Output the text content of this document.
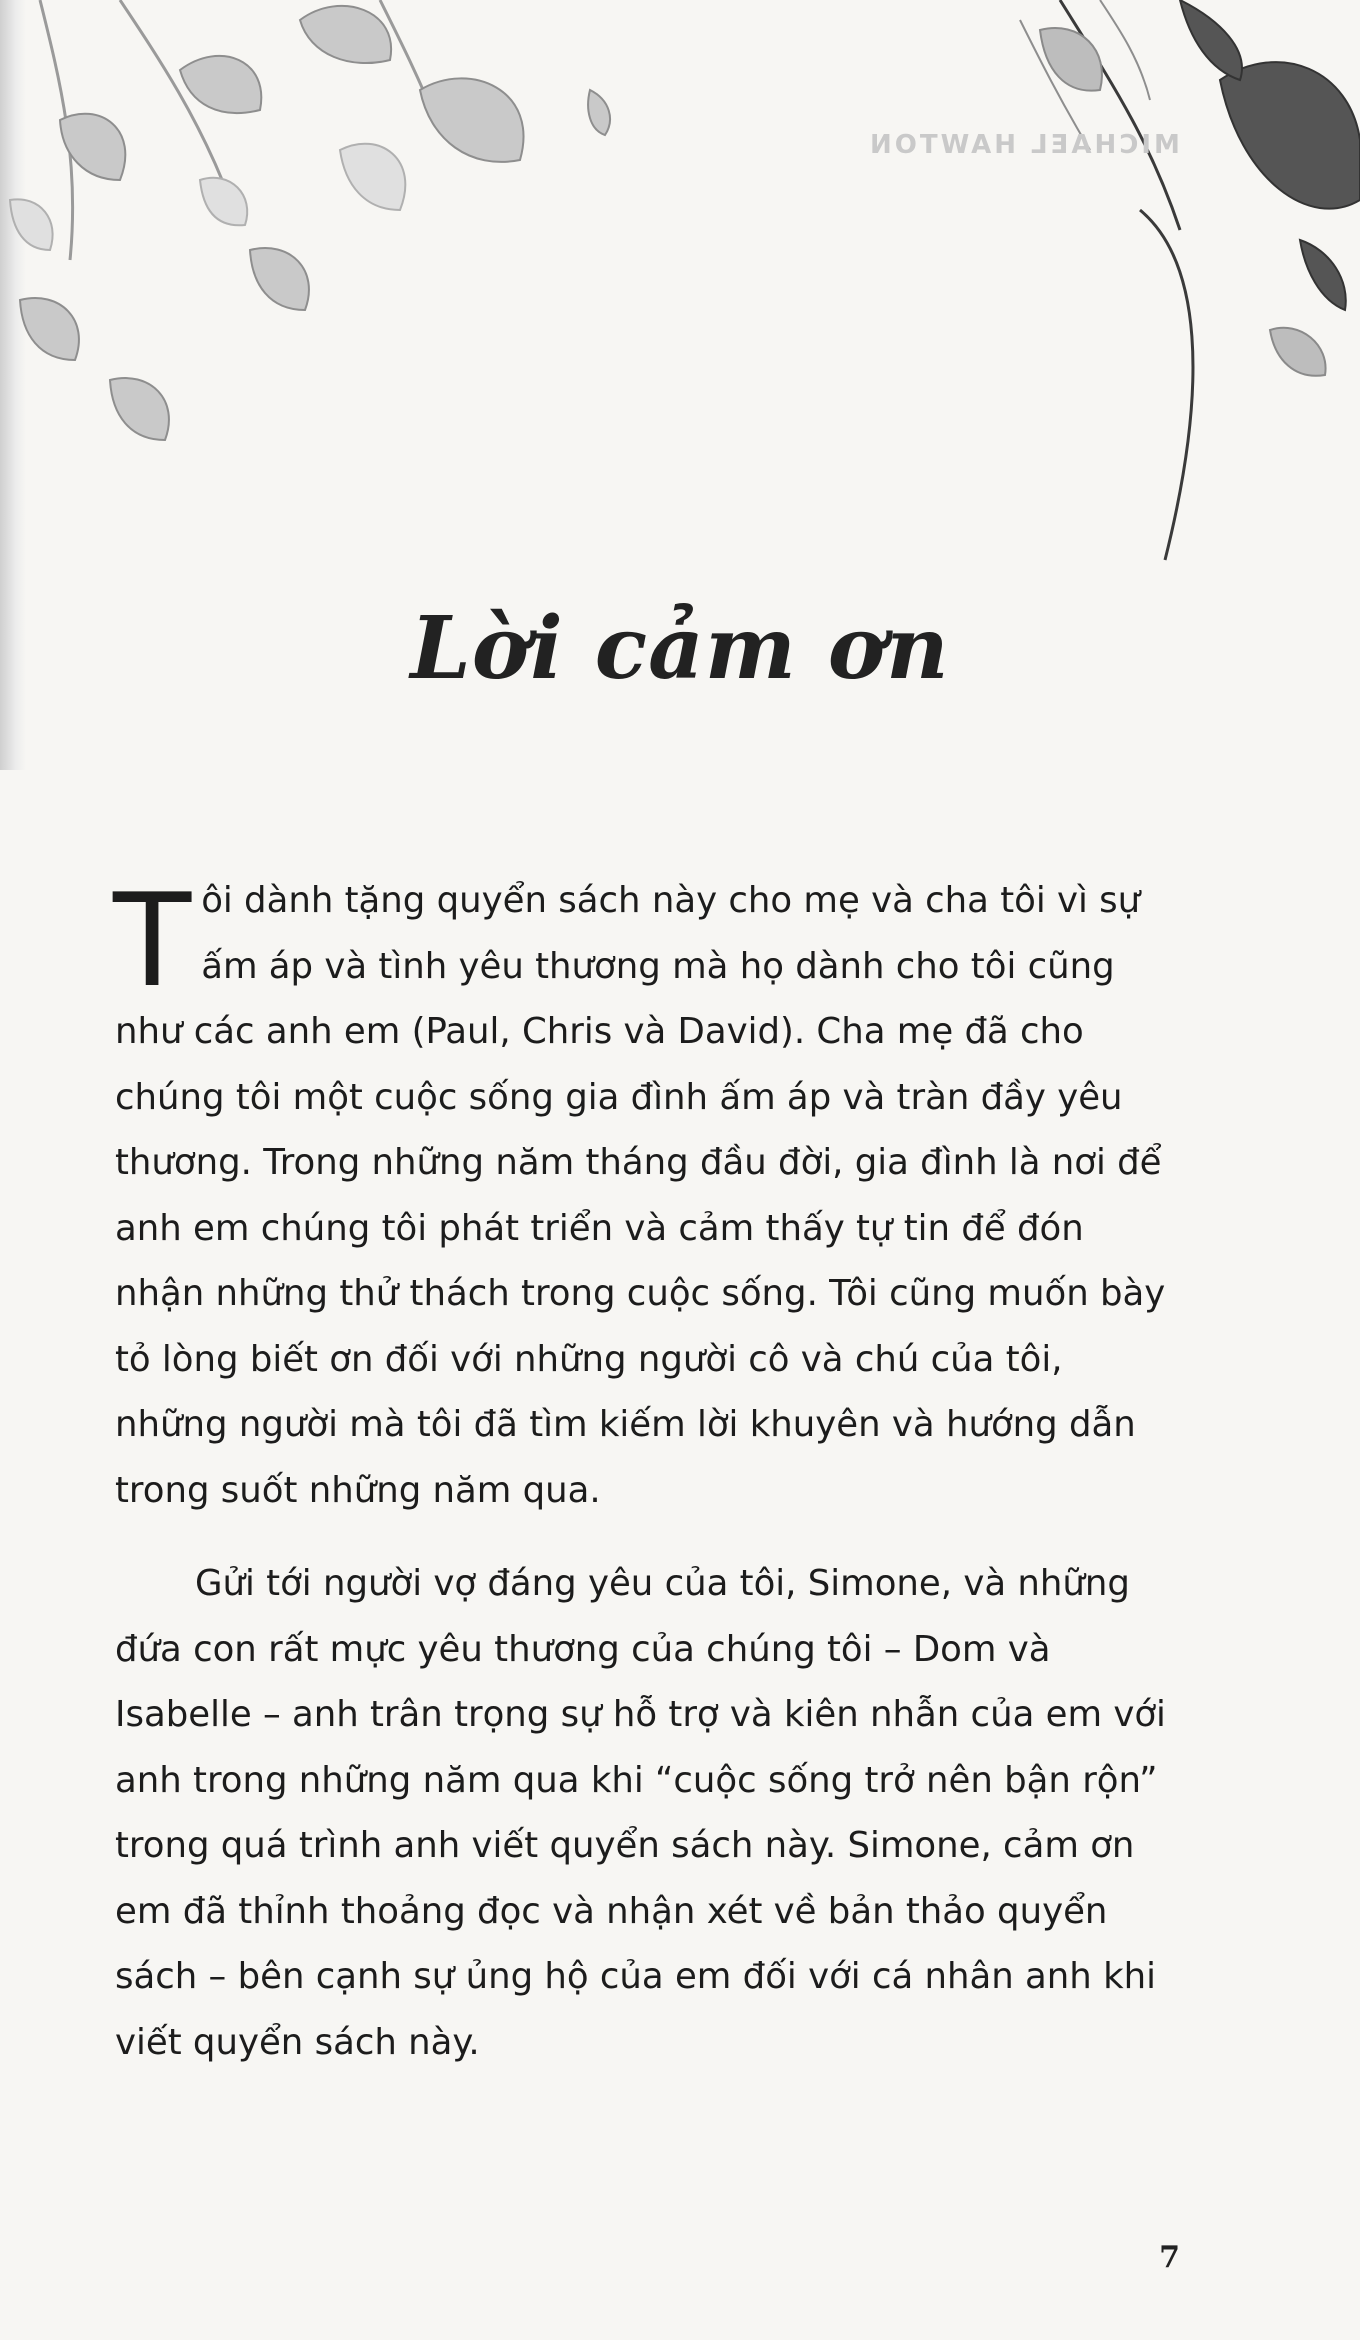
MICHAEL HAWTON
Lời cảm ơn

Tôi dành tặng quyển sách này cho mẹ và cha tôi vì sự ấm áp và tình yêu thương mà họ dành cho tôi cũng như các anh em (Paul, Chris và David). Cha mẹ đã cho chúng tôi một cuộc sống gia đình ấm áp và tràn đầy yêu thương. Trong những năm tháng đầu đời, gia đình là nơi để anh em chúng tôi phát triển và cảm thấy tự tin để đón nhận những thử thách trong cuộc sống. Tôi cũng muốn bày tỏ lòng biết ơn đối với những người cô và chú của tôi, những người mà tôi đã tìm kiếm lời khuyên và hướng dẫn trong suốt những năm qua.

Gửi tới người vợ đáng yêu của tôi, Simone, và những đứa con rất mực yêu thương của chúng tôi – Dom và Isabelle – anh trân trọng sự hỗ trợ và kiên nhẫn của em với anh trong những năm qua khi “cuộc sống trở nên bận rộn” trong quá trình anh viết quyển sách này. Simone, cảm ơn em đã thỉnh thoảng đọc và nhận xét về bản thảo quyển sách – bên cạnh sự ủng hộ của em đối với cá nhân anh khi viết quyển sách này.

7
